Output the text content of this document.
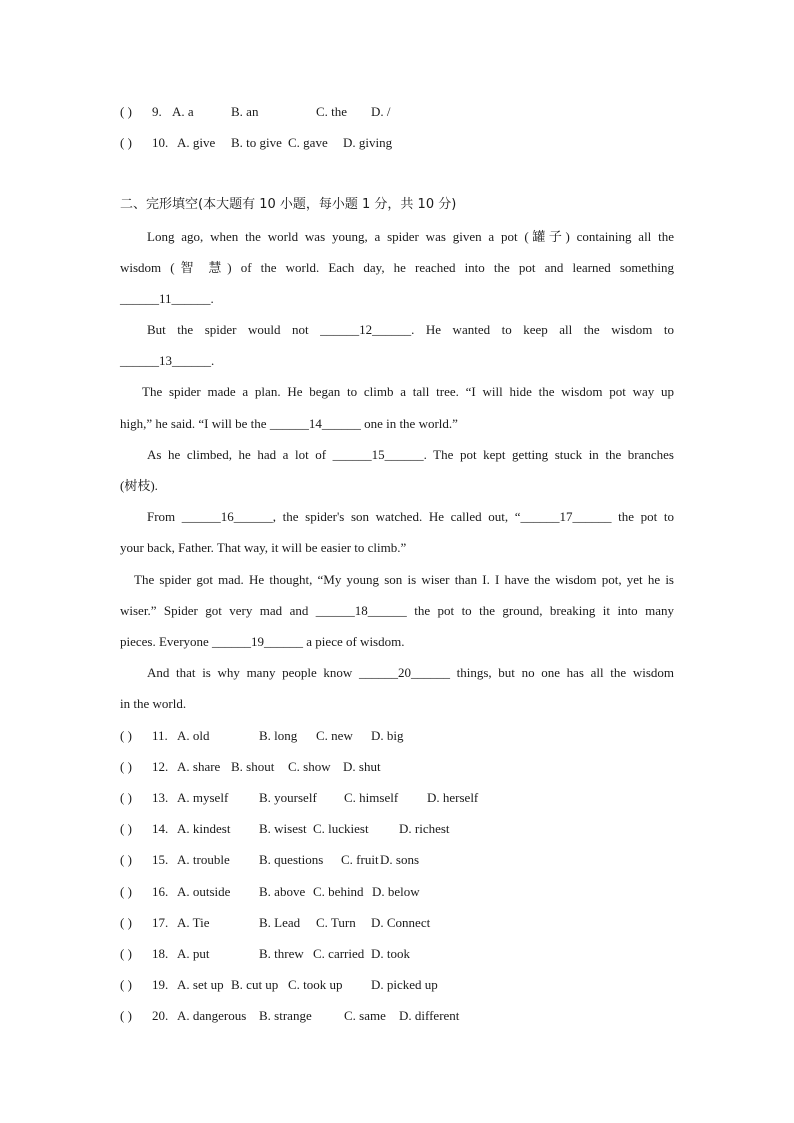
( ) 9. A. a	B. an	C. the D. /
( ) 10. A. give B. to give C. gave D. giving
二、完形填空(本大题有 10 小题，每小题 1 分，共 10 分)
Long ago, when the world was young, a spider was given a pot (罐子) containing all the
wisdom (智 慧) of the world. Each day, he reached into the pot and learned something
______11______.
But the spider would not ______12______. He wanted to keep all the wisdom to
______13______.
The spider made a plan. He began to climb a tall tree. “I will hide the wisdom pot way up
high,” he said. “I will be the ______14______ one in the world.”
As he climbed, he had a lot of ______15______. The pot kept getting stuck in the branches
(树枝).
From ______16______, the spider's son watched. He called out, “______17______ the pot to
your back, Father. That way, it will be easier to climb.”
The spider got mad. He thought, “My young son is wiser than I. I have the wisdom pot, yet he is
wiser.” Spider got very mad and ______18______ the pot to the ground, breaking it into many
pieces. Everyone ______19______ a piece of wisdom.
And that is why many people know ______20______ things, but no one has all the wisdom
in the world.
( ) 11. A. old	B. long C. new D. big
( ) 12. A. share B. shout C. show D. shut
( ) 13. A. myself B. yourself C. himself D. herself
( ) 14. A. kindest B. wisest C. luckiest D. richest
( ) 15. A. trouble B. questions C. fruit D. sons
( ) 16. A. outside B. above C. behind D. below
( ) 17. A. Tie	B. Lead C. Turn D. Connect
( ) 18. A. put	B. threw C. carried D. took
( ) 19. A. set up B. cut up C. took up D. picked up
( ) 20. A. dangerous B. strange C. same D. different
